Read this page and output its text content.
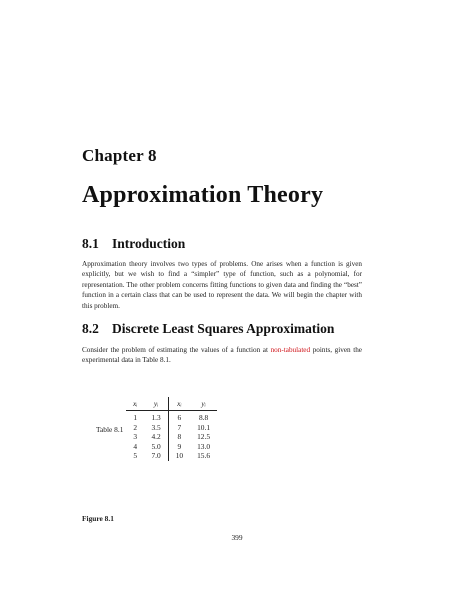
Chapter 8
Approximation Theory
8.1 Introduction
Approximation theory involves two types of problems. One arises when a function is given explicitly, but we wish to find a “simpler” type of function, such as a polynomial, for representation. The other problem concerns fitting functions to given data and finding the “best” function in a certain class that can be used to represent the data. We will begin the chapter with this problem.
8.2 Discrete Least Squares Approximation
Consider the problem of estimating the values of a function at non-tabulated points, given the experimental data in Table 8.1.
Table 8.1
xᵢ	yᵢ	xᵢ	yᵢ
1	1.3	6	8.8
2	3.5	7	10.1
3	4.2	8	12.5
4	5.0	9	13.0
5	7.0	10	15.6
Figure 8.1
399
